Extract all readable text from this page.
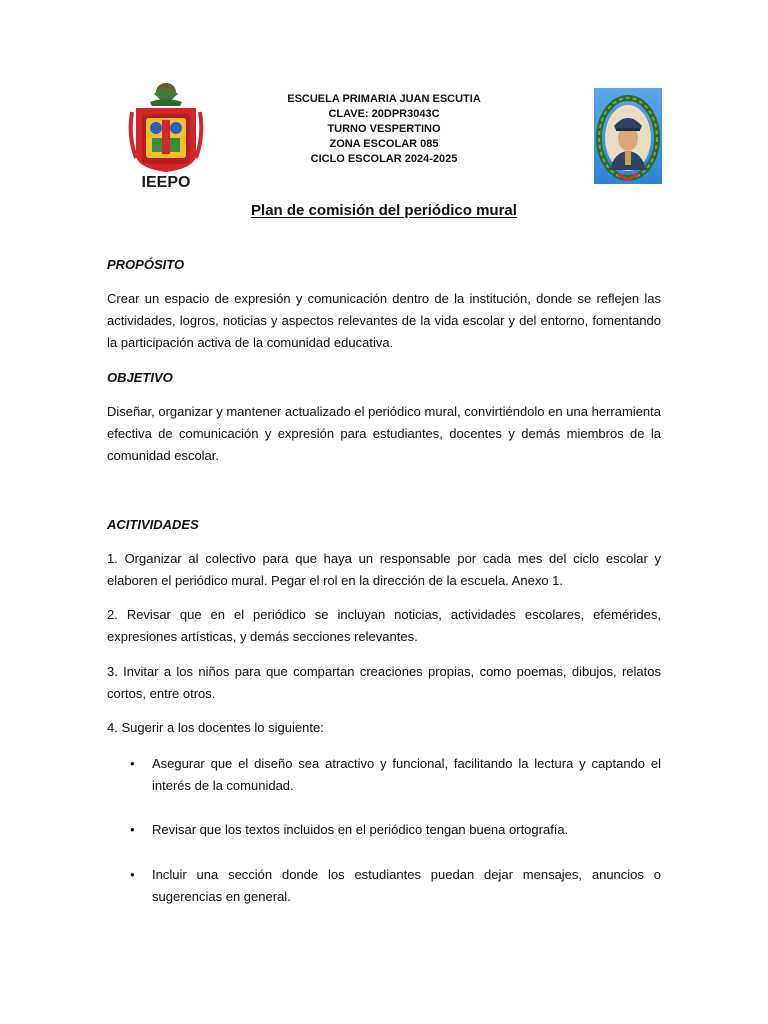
IEEPO
ESCUELA PRIMARIA JUAN ESCUTIA
CLAVE: 20DPR3043C
TURNO VESPERTINO
ZONA ESCOLAR 085
CICLO ESCOLAR 2024-2025
Plan de comisión del periódico mural
PROPÓSITO
Crear un espacio de expresión y comunicación dentro de la institución, donde se reflejen las actividades, logros, noticias y aspectos relevantes de la vida escolar y del entorno, fomentando la participación activa de la comunidad educativa.
OBJETIVO
Diseñar, organizar y mantener actualizado el periódico mural, convirtiéndolo en una herramienta efectiva de comunicación y expresión para estudiantes, docentes y demás miembros de la comunidad escolar.
ACITIVIDADES
1. Organizar al colectivo para que haya un responsable por cada mes del ciclo escolar y elaboren el periódico mural. Pegar el rol en la dirección de la escuela. Anexo 1.
2. Revisar que en el periódico se incluyan noticias, actividades escolares, efemérides, expresiones artísticas, y demás secciones relevantes.
3. Invitar a los niños para que compartan creaciones propias, como poemas, dibujos, relatos cortos, entre otros.
4. Sugerir a los docentes lo siguiente:
• Asegurar que el diseño sea atractivo y funcional, facilitando la lectura y captando el interés de la comunidad.
• Revisar que los textos incluidos en el periódico tengan buena ortografía.
• Incluir una sección donde los estudiantes puedan dejar mensajes, anuncios o sugerencias en general.
